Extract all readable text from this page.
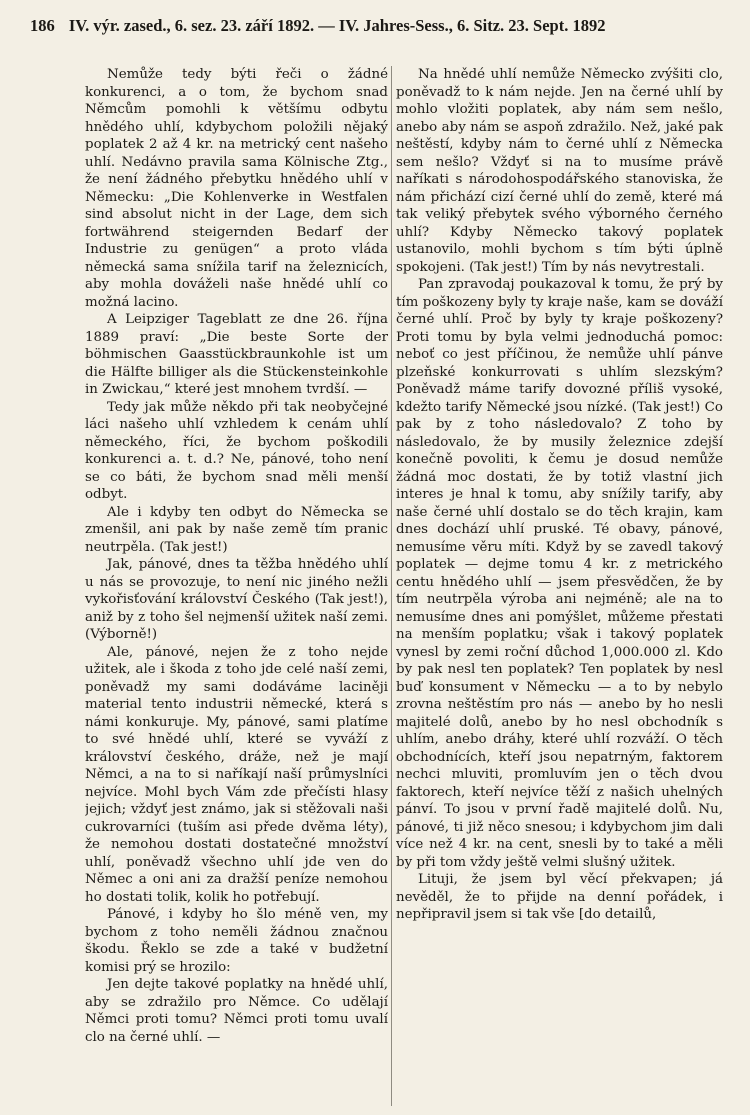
186 IV. výr. zased., 6. sez. 23. září 1892. — IV. Jahres-Sess., 6. Sitz. 23. Sept. 1892

Nemůže tedy býti řeči o žádné konkurenci, a o tom, že bychom snad Němcům pomohli k většímu odbytu hnědého uhlí, kdybychom položili nějaký poplatek 2 až 4 kr. na metrický cent našeho uhlí. Nedávno pravila sama Kölnische Ztg., že není žádného přebytku hnědého uhlí v Německu: „Die Kohlenverke in Westfalen sind absolut nicht in der Lage, dem sich fortwährend steigernden Bedarf der Industrie zu genügen“ a proto vláda německá sama snížila tarif na železnicích, aby mohla dováželi naše hnědé uhlí co možná lacino.

A Leipziger Tageblatt ze dne 26. října 1889 praví: „Die beste Sorte der böhmischen Gaasstückbraunkohle ist um die Hälfte billiger als die Stückensteinkohle in Zwickau,“ které jest mnohem tvrdší. —

Tedy jak může někdo při tak neobyčejné láci našeho uhlí vzhledem k cenám uhlí německého, říci, že bychom poškodili konkurenci a. t. d.? Ne, pánové, toho není se co báti, že bychom snad měli menší odbyt.

Ale i kdyby ten odbyt do Německa se zmenšil, ani pak by naše země tím pranic neutrpěla. (Tak jest!)

Jak, pánové, dnes ta těžba hnědého uhlí u nás se provozuje, to není nic jiného nežli vykořisťování království Českého (Tak jest!), aniž by z toho šel nejmenší užitek naší zemi. (Výborně!)

Ale, pánové, nejen že z toho nejde užitek, ale i škoda z toho jde celé naší zemi, poněvadž my sami dodáváme laciněji material tento industrii německé, která s námi konkuruje. My, pánové, sami platíme to své hnědé uhlí, které se vyváží z království českého, dráže, než je mají Němci, a na to si naříkají naší průmyslníci nejvíce. Mohl bych Vám zde přečísti hlasy jejich; vždyť jest známo, jak si stěžovali naši cukrovarníci (tuším asi přede dvěma léty), že nemohou dostati dostatečné množství uhlí, poněvadž všechno uhlí jde ven do Němec a oni ani za dražší peníze nemohou ho dostati tolik, kolik ho potřebují.

Pánové, i kdyby ho šlo méně ven, my bychom z toho neměli žádnou značnou škodu. Řeklo se zde a také v budžetní komisi prý se hrozilo:

Jen dejte takové poplatky na hnědé uhlí, aby se zdražilo pro Němce. Co udělají Němci proti tomu? Němci proti tomu uvalí clo na černé uhlí. —

Na hnědé uhlí nemůže Německo zvýšiti clo, poněvadž to k nám nejde. Jen na černé uhlí by mohlo vložiti poplatek, aby nám sem nešlo, anebo aby nám se aspoň zdražilo. Než, jaké pak neštěstí, kdyby nám to černé uhlí z Německa sem nešlo? Vždyť si na to musíme právě naříkati s národohospodářského stanoviska, že nám přichází cizí černé uhlí do země, které má tak veliký přebytek svého výborného černého uhlí? Kdyby Německo takový poplatek ustanovilo, mohli bychom s tím býti úplně spokojeni. (Tak jest!) Tím by nás nevytrestali.

Pan zpravodaj poukazoval k tomu, že prý by tím poškozeny byly ty kraje naše, kam se dováží černé uhlí. Proč by byly ty kraje poškozeny? Proti tomu by byla velmi jednoduchá pomoc: neboť co jest příčinou, že nemůže uhlí pánve plzeňské konkurrovati s uhlím slezským? Poněvadž máme tarify dovozné příliš vysoké, kdežto tarify Německé jsou nízké. (Tak jest!) Co pak by z toho následovalo? Z toho by následovalo, že by musily železnice zdejší konečně povoliti, k čemu je dosud nemůže žádná moc dostati, že by totiž vlastní jich interes je hnal k tomu, aby snížily tarify, aby naše černé uhlí dostalo se do těch krajin, kam dnes dochází uhlí pruské. Té obavy, pánové, nemusíme věru míti. Když by se zavedl takový poplatek — dejme tomu 4 kr. z metrického centu hnědého uhlí — jsem přesvědčen, že by tím neutrpěla výroba ani nejméně; ale na to nemusíme dnes ani pomýšlet, můžeme přestati na menším poplatku; však i takový poplatek vynesl by zemi roční důchod 1,000.000 zl. Kdo by pak nesl ten poplatek? Ten poplatek by nesl buď konsument v Německu — a to by nebylo zrovna neštěstím pro nás — anebo by ho nesli majitelé dolů, anebo by ho nesl obchodník s uhlím, anebo dráhy, které uhlí rozváží. O těch obchodnících, kteří jsou nepatrným, faktorem nechci mluviti, promluvím jen o těch dvou faktorech, kteří nejvíce těží z našich uhelných pánví. To jsou v první řadě majitelé dolů. Nu, pánové, ti již něco snesou; i kdybychom jim dali více než 4 kr. na cent, snesli by to také a měli by při tom vždy ještě velmi slušný užitek.

Lituji, že jsem byl věcí překvapen; já nevěděl, že to přijde na denní pořádek, i nepřipravil jsem si tak vše [do detailů,
